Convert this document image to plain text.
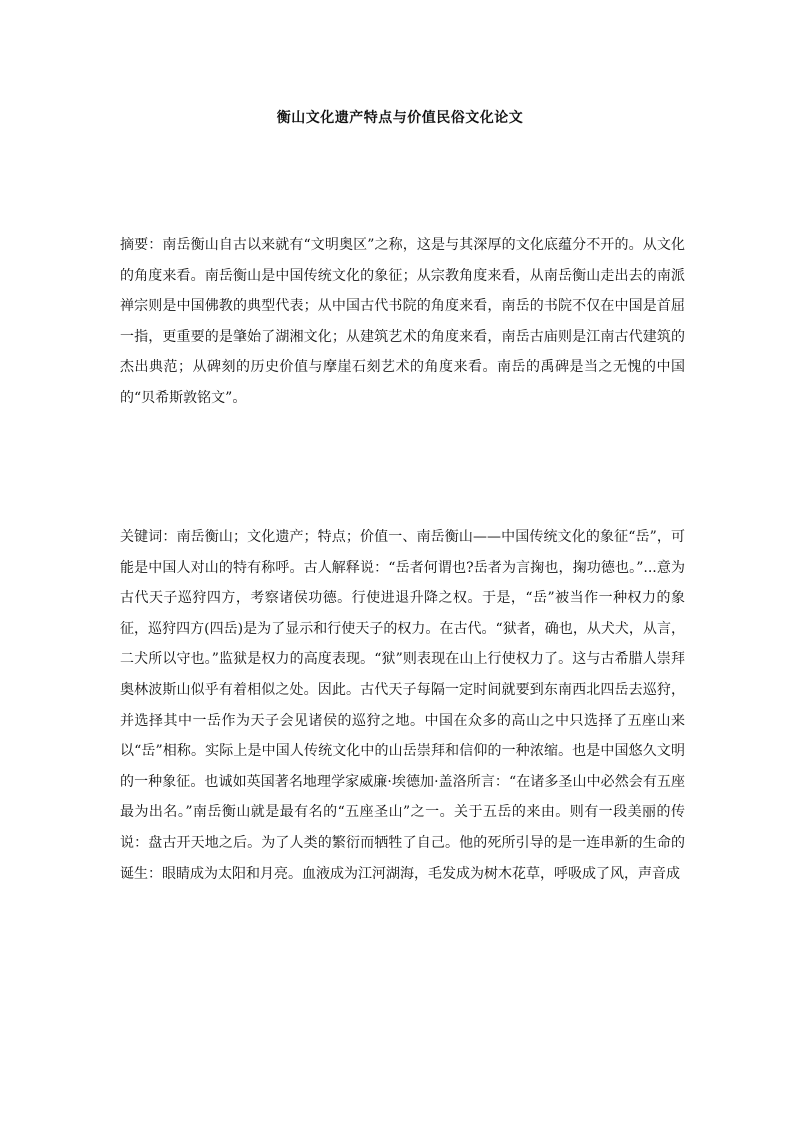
衡山文化遗产特点与价值民俗文化论文

摘要：南岳衡山自古以来就有“文明奥区”之称，这是与其深厚的文化底蕴分不开的。从文化的角度来看。南岳衡山是中国传统文化的象征；从宗教角度来看，从南岳衡山走出去的南派禅宗则是中国佛教的典型代表；从中国古代书院的角度来看，南岳的书院不仅在中国是首屈一指，更重要的是肇始了湖湘文化；从建筑艺术的角度来看，南岳古庙则是江南古代建筑的杰出典范；从碑刻的历史价值与摩崖石刻艺术的角度来看。南岳的禹碑是当之无愧的中国的“贝希斯敦铭文”。

关键词：南岳衡山；文化遗产；特点；价值一、南岳衡山——中国传统文化的象征“岳”，可能是中国人对山的特有称呼。古人解释说：“岳者何谓也?岳者为言掬也，掬功德也。”...意为古代天子巡狩四方，考察诸侯功德。行使进退升降之权。于是，“岳”被当作一种权力的象征，巡狩四方(四岳)是为了显示和行使天子的权力。在古代。“狱者，确也，从犬犬，从言，二犬所以守也。”监狱是权力的高度表现。“狱”则表现在山上行使权力了。这与古希腊人崇拜奥林波斯山似乎有着相似之处。因此。古代天子每隔一定时间就要到东南西北四岳去巡狩，并选择其中一岳作为天子会见诸侯的巡狩之地。中国在众多的高山之中只选择了五座山来以“岳”相称。实际上是中国人传统文化中的山岳崇拜和信仰的一种浓缩。也是中国悠久文明的一种象征。也诚如英国著名地理学家威廉·埃德加·盖洛所言：“在诸多圣山中必然会有五座最为出名。”南岳衡山就是最有名的“五座圣山”之一。关于五岳的来由。则有一段美丽的传说：盘古开天地之后。为了人类的繁衍而牺牲了自己。他的死所引导的是一连串新的生命的诞生：眼睛成为太阳和月亮。血液成为江河湖海，毛发成为树木花草，呼吸成了风，声音成
